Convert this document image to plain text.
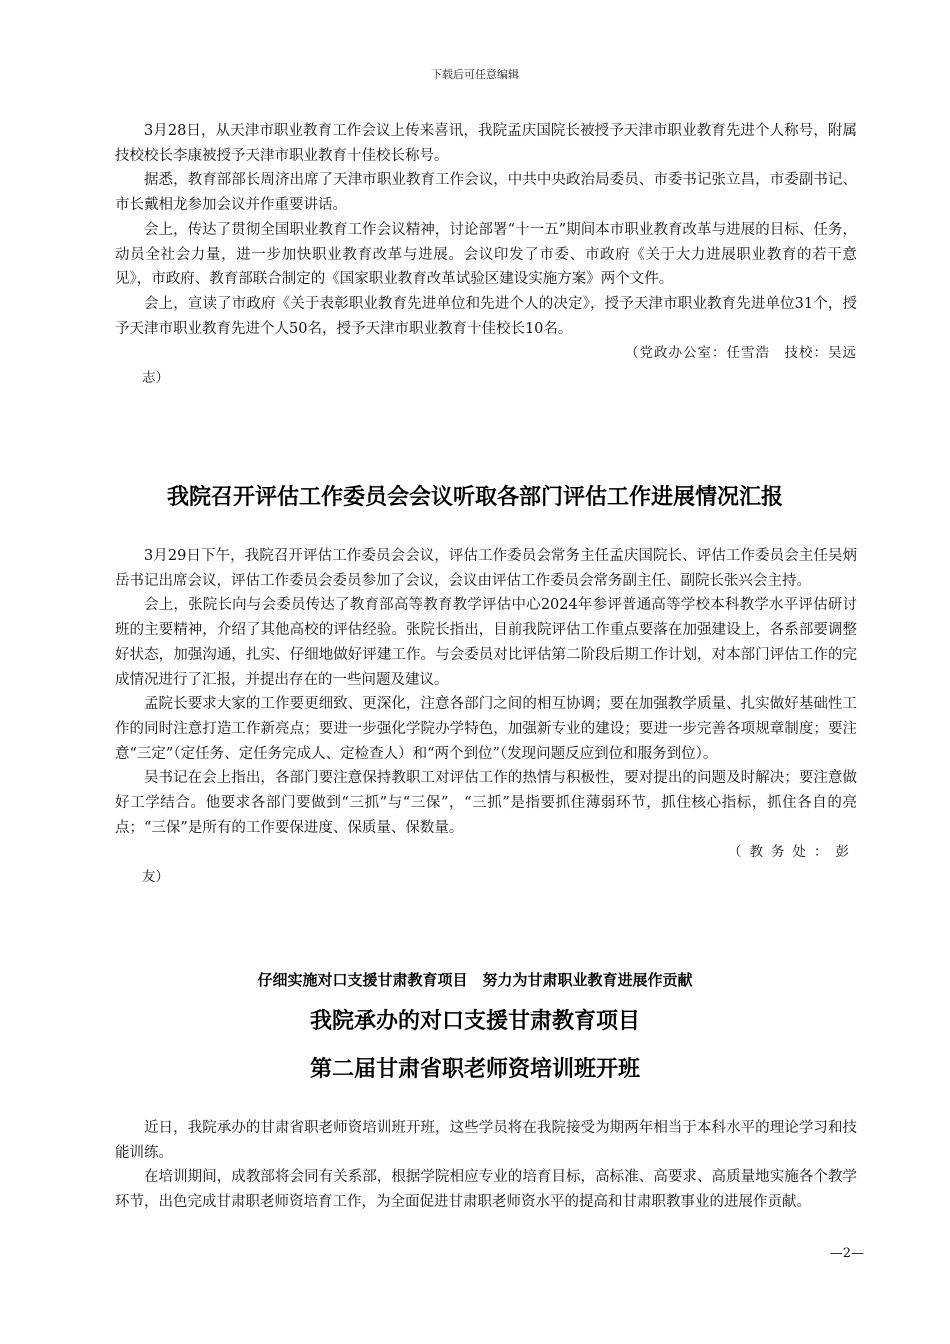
下载后可任意编辑

3月28日，从天津市职业教育工作会议上传来喜讯，我院孟庆国院长被授予天津市职业教育先进个人称号，附属技校校长李康被授予天津市职业教育十佳校长称号。

据悉，教育部部长周济出席了天津市职业教育工作会议，中共中央政治局委员、市委书记张立昌，市委副书记、市长戴相龙参加会议并作重要讲话。

会上，传达了贯彻全国职业教育工作会议精神，讨论部署“十一五”期间本市职业教育改革与进展的目标、任务，动员全社会力量，进一步加快职业教育改革与进展。会议印发了市委、市政府《关于大力进展职业教育的若干意见》，市政府、教育部联合制定的《国家职业教育改革试验区建设实施方案》两个文件。

会上，宣读了市政府《关于表彰职业教育先进单位和先进个人的决定》，授予天津市职业教育先进单位31个，授予天津市职业教育先进个人50名，授予天津市职业教育十佳校长10名。

（党政办公室：任雪浩　技校：吴远

志）

我院召开评估工作委员会会议听取各部门评估工作进展情况汇报

3月29日下午，我院召开评估工作委员会会议，评估工作委员会常务主任孟庆国院长、评估工作委员会主任吴炳岳书记出席会议，评估工作委员会委员参加了会议，会议由评估工作委员会常务副主任、副院长张兴会主持。

会上，张院长向与会委员传达了教育部高等教育教学评估中心2024年参评普通高等学校本科教学水平评估研讨班的主要精神，介绍了其他高校的评估经验。张院长指出，目前我院评估工作重点要落在加强建设上，各系部要调整好状态，加强沟通，扎实、仔细地做好评建工作。与会委员对比评估第二阶段后期工作计划，对本部门评估工作的完成情况进行了汇报，并提出存在的一些问题及建议。

孟院长要求大家的工作要更细致、更深化，注意各部门之间的相互协调；要在加强教学质量、扎实做好基础性工作的同时注意打造工作新亮点；要进一步强化学院办学特色，加强新专业的建设；要进一步完善各项规章制度；要注意“三定”（定任务、定任务完成人、定检查人）和“两个到位”（发现问题反应到位和服务到位）。

吴书记在会上指出，各部门要注意保持教职工对评估工作的热情与积极性，要对提出的问题及时解决；要注意做好工学结合。他要求各部门要做到“三抓”与“三保”，“三抓”是指要抓住薄弱环节，抓住核心指标，抓住各自的亮点；“三保”是所有的工作要保进度、保质量、保数量。

（教务处：彭

友）

仔细实施对口支援甘肃教育项目　努力为甘肃职业教育进展作贡献
我院承办的对口支援甘肃教育项目
第二届甘肃省职老师资培训班开班

近日，我院承办的甘肃省职老师资培训班开班，这些学员将在我院接受为期两年相当于本科水平的理论学习和技能训练。

在培训期间，成教部将会同有关系部，根据学院相应专业的培育目标，高标准、高要求、高质量地实施各个教学环节，出色完成甘肃职老师资培育工作，为全面促进甘肃职老师资水平的提高和甘肃职教事业的进展作贡献。

—2—
